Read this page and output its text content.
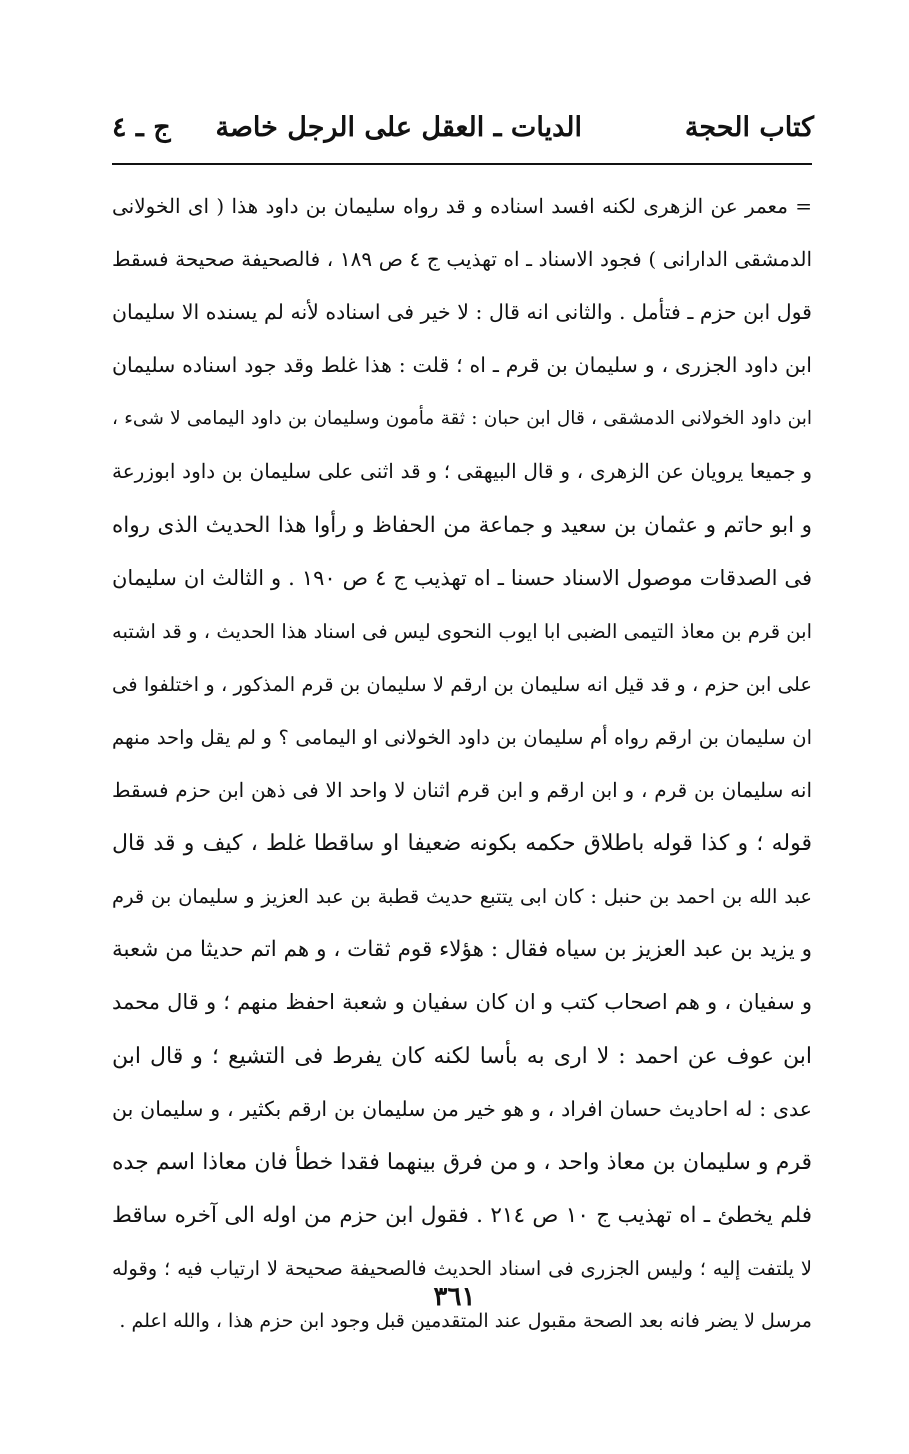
كتاب الحجة
الديات ـ العقل على الرجل خاصة
ج ـ ٤
= معمر عن الزهرى لكنه افسد اسناده و قد رواه سليمان بن داود هذا ( اى الخولانى
الدمشقى الدارانى ) فجود الاسناد ـ اه تهذيب ج ٤ ص ١٨٩ ، فالصحيفة صحيحة فسقط
قول ابن حزم ـ فتأمل . والثانى انه قال : لا خير فى اسناده لأنه لم يسنده الا سليمان
ابن داود الجزرى ، و سليمان بن قرم ـ اه ؛ قلت : هذا غلط وقد جود اسناده سليمان
ابن داود الخولانى الدمشقى ، قال ابن حبان : ثقة مأمون وسليمان بن داود اليمامى لا شىء ،
و جميعا يرويان عن الزهرى ، و قال البيهقى ؛ و قد اثنى على سليمان بن داود ابوزرعة
و ابو حاتم و عثمان بن سعيد و جماعة من الحفاظ و رأوا هذا الحديث الذى رواه
فى الصدقات موصول الاسناد حسنا ـ اه تهذيب ج ٤ ص ١٩٠ . و الثالث ان سليمان
ابن قرم بن معاذ التيمى الضبى ابا ايوب النحوى ليس فى اسناد هذا الحديث ، و قد اشتبه
على ابن حزم ، و قد قيل انه سليمان بن ارقم لا سليمان بن قرم المذكور ، و اختلفوا فى
ان سليمان بن ارقم رواه أم سليمان بن داود الخولانى او اليمامى ؟ و لم يقل واحد منهم
انه سليمان بن قرم ، و ابن ارقم و ابن قرم اثنان لا واحد الا فى ذهن ابن حزم فسقط
قوله ؛ و كذا قوله باطلاق حكمه بكونه ضعيفا او ساقطا غلط ، كيف و قد قال
عبد الله بن احمد بن حنبل : كان ابى يتتبع حديث قطبة بن عبد العزيز و سليمان بن قرم
و يزيد بن عبد العزيز بن سياه فقال : هؤلاء قوم ثقات ، و هم اتم حديثا من شعبة
و سفيان ، و هم اصحاب كتب و ان كان سفيان و شعبة احفظ منهم ؛ و قال محمد
ابن عوف عن احمد : لا ارى به بأسا لكنه كان يفرط فى التشيع ؛ و قال ابن
عدى : له احاديث حسان افراد ، و هو خير من سليمان بن ارقم بكثير ، و سليمان بن
قرم و سليمان بن معاذ واحد ، و من فرق بينهما فقدا خطأ فان معاذا اسم جده
فلم يخطئ ـ اه تهذيب ج ١٠ ص ٢١٤ . فقول ابن حزم من اوله الى آخره ساقط
لا يلتفت إليه ؛ وليس الجزرى فى اسناد الحديث فالصحيفة صحيحة لا ارتياب فيه ؛ وقوله
مرسل لا يضر فانه بعد الصحة مقبول عند المتقدمين قبل وجود ابن حزم هذا ، والله اعلم .
٣٦١
